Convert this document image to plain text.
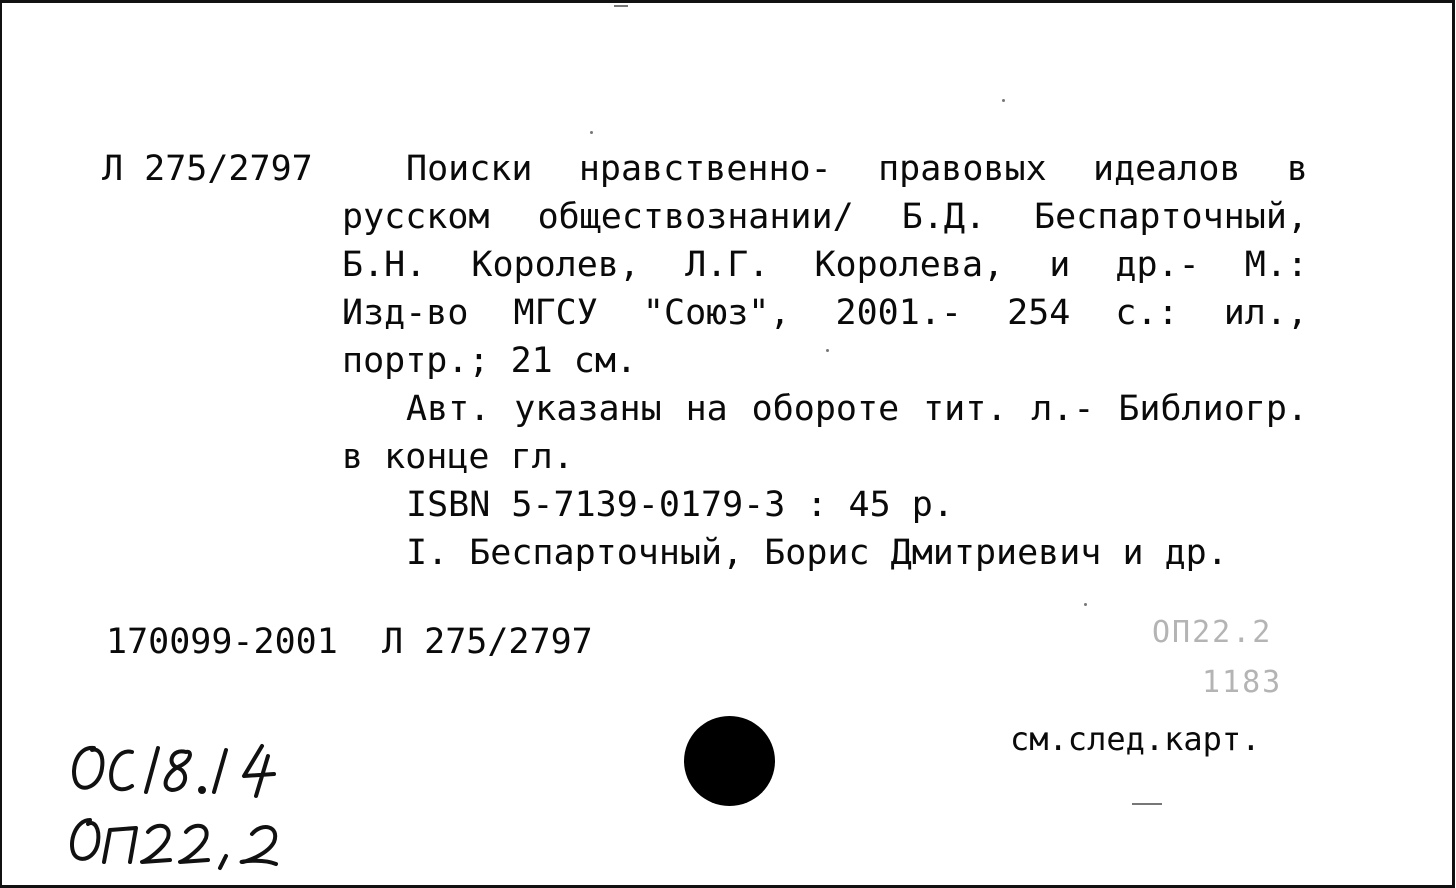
Л 275/2797	Поиски нравственно- правовых идеалов в
русском обществознании/ Б.Д. Беспарточный,
Б.Н. Королев, Л.Г. Королева, и др.- М.:
Изд-во МГСУ "Союз", 2001.- 254 с.: ил.,
портр.; 21 см.
Авт. указаны на обороте тит. л.- Библиогр.
в конце гл.
ISBN 5-7139-0179-3 : 45 р.
I. Беспарточный, Борис Дмитриевич и др.
170099-2001 Л 275/2797	ОП22.2
1183
см.след.карт.
